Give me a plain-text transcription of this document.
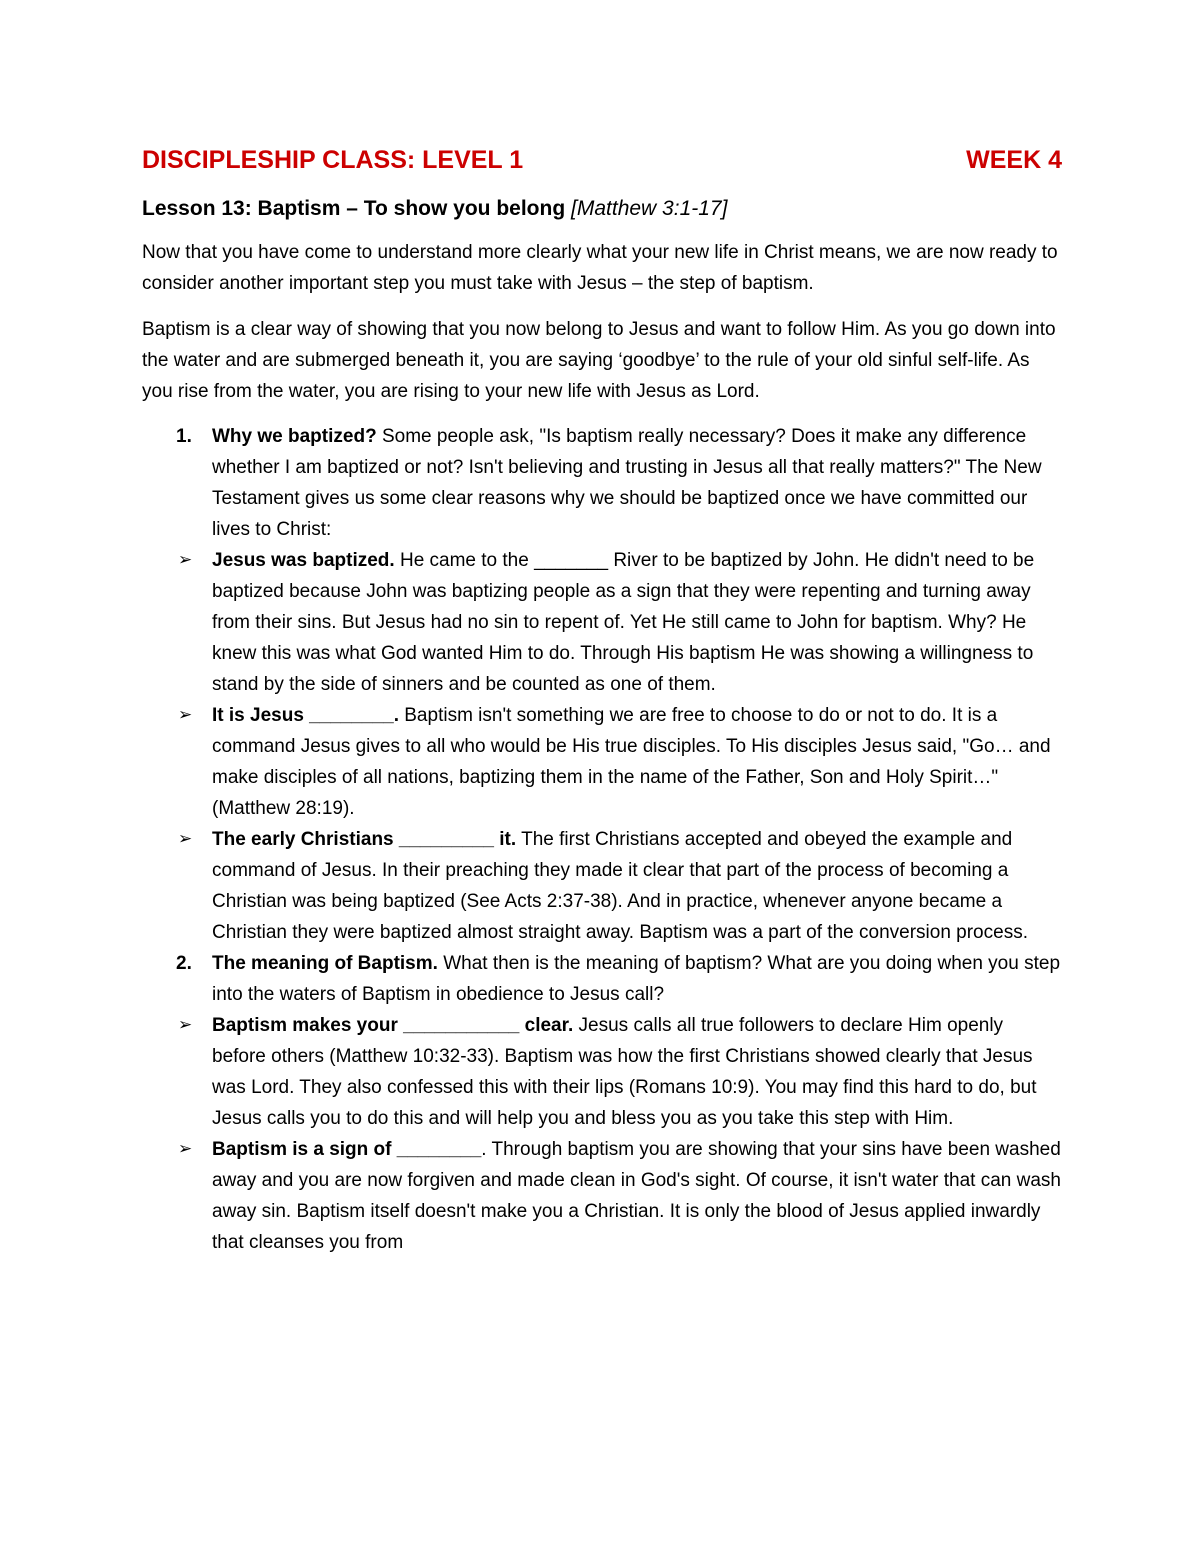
DISCIPLESHIP CLASS: LEVEL 1	WEEK 4
Lesson 13: Baptism – To show you belong [Matthew 3:1-17]

Now that you have come to understand more clearly what your new life in Christ means, we are now ready to consider another important step you must take with Jesus – the step of baptism.

Baptism is a clear way of showing that you now belong to Jesus and want to follow Him. As you go down into the water and are submerged beneath it, you are saying ‘goodbye’ to the rule of your old sinful self-life. As you rise from the water, you are rising to your new life with Jesus as Lord.

1. Why we baptized? Some people ask, "Is baptism really necessary? Does it make any difference whether I am baptized or not? Isn't believing and trusting in Jesus all that really matters?" The New Testament gives us some clear reasons why we should be baptized once we have committed our lives to Christ:

➢ Jesus was baptized. He came to the _______ River to be baptized by John. He didn't need to be baptized because John was baptizing people as a sign that they were repenting and turning away from their sins. But Jesus had no sin to repent of. Yet He still came to John for baptism. Why? He knew this was what God wanted Him to do. Through His baptism He was showing a willingness to stand by the side of sinners and be counted as one of them.

➢ It is Jesus ________. Baptism isn't something we are free to choose to do or not to do. It is a command Jesus gives to all who would be His true disciples. To His disciples Jesus said, "Go… and make disciples of all nations, baptizing them in the name of the Father, Son and Holy Spirit…" (Matthew 28:19).

➢ The early Christians _________ it. The first Christians accepted and obeyed the example and command of Jesus. In their preaching they made it clear that part of the process of becoming a Christian was being baptized (See Acts 2:37-38). And in practice, whenever anyone became a Christian they were baptized almost straight away. Baptism was a part of the conversion process.

2. The meaning of Baptism. What then is the meaning of baptism? What are you doing when you step into the waters of Baptism in obedience to Jesus call?

➢ Baptism makes your ___________ clear. Jesus calls all true followers to declare Him openly before others (Matthew 10:32-33). Baptism was how the first Christians showed clearly that Jesus was Lord. They also confessed this with their lips (Romans 10:9). You may find this hard to do, but Jesus calls you to do this and will help you and bless you as you take this step with Him.

➢ Baptism is a sign of ________. Through baptism you are showing that your sins have been washed away and you are now forgiven and made clean in God's sight. Of course, it isn't water that can wash away sin. Baptism itself doesn't make you a Christian. It is only the blood of Jesus applied inwardly that cleanses you from
